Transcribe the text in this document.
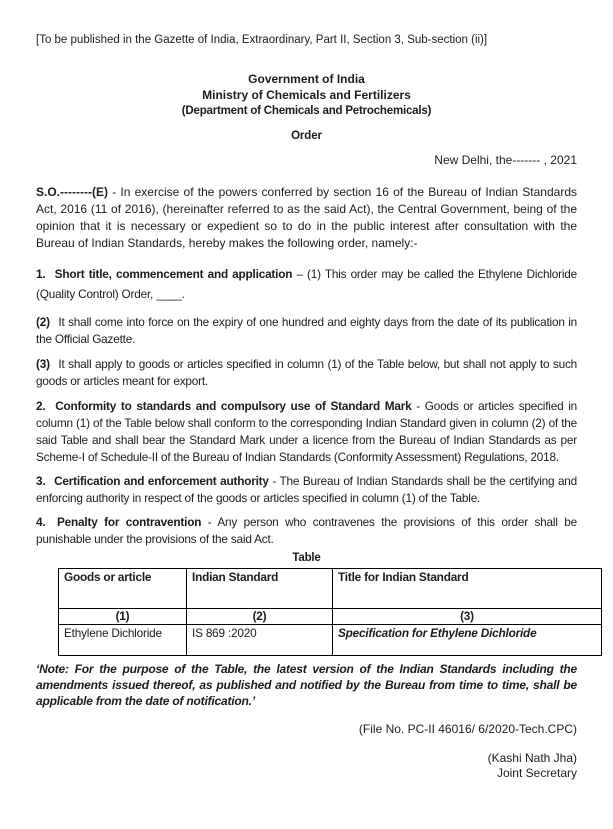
[To be published in the Gazette of India, Extraordinary, Part II, Section 3, Sub-section (ii)]
Government of India
Ministry of Chemicals and Fertilizers
(Department of Chemicals and Petrochemicals)
Order
New Delhi, the------- , 2021

S.O.--------(E) - In exercise of the powers conferred by section 16 of the Bureau of Indian Standards Act, 2016 (11 of 2016), (hereinafter referred to as the said Act), the Central Government, being of the opinion that it is necessary or expedient so to do in the public interest after consultation with the Bureau of Indian Standards, hereby makes the following order, namely:-

1. Short title, commencement and application – (1) This order may be called the Ethylene Dichloride (Quality Control) Order, ____.

(2) It shall come into force on the expiry of one hundred and eighty days from the date of its publication in the Official Gazette.

(3) It shall apply to goods or articles specified in column (1) of the Table below, but shall not apply to such goods or articles meant for export.

2. Conformity to standards and compulsory use of Standard Mark - Goods or articles specified in column (1) of the Table below shall conform to the corresponding Indian Standard given in column (2) of the said Table and shall bear the Standard Mark under a licence from the Bureau of Indian Standards as per Scheme-I of Schedule-II of the Bureau of Indian Standards (Conformity Assessment) Regulations, 2018.

3. Certification and enforcement authority - The Bureau of Indian Standards shall be the certifying and enforcing authority in respect of the goods or articles specified in column (1) of the Table.

4. Penalty for contravention - Any person who contravenes the provisions of this order shall be punishable under the provisions of the said Act.

Table
Goods or article	Indian Standard	Title for Indian Standard
(1)	(2)	(3)
Ethylene Dichloride	IS 869 :2020	Specification for Ethylene Dichloride

‘Note: For the purpose of the Table, the latest version of the Indian Standards including the amendments issued thereof, as published and notified by the Bureau from time to time, shall be applicable from the date of notification.’

(File No. PC-II 46016/ 6/2020-Tech.CPC)
(Kashi Nath Jha)
Joint Secretary
